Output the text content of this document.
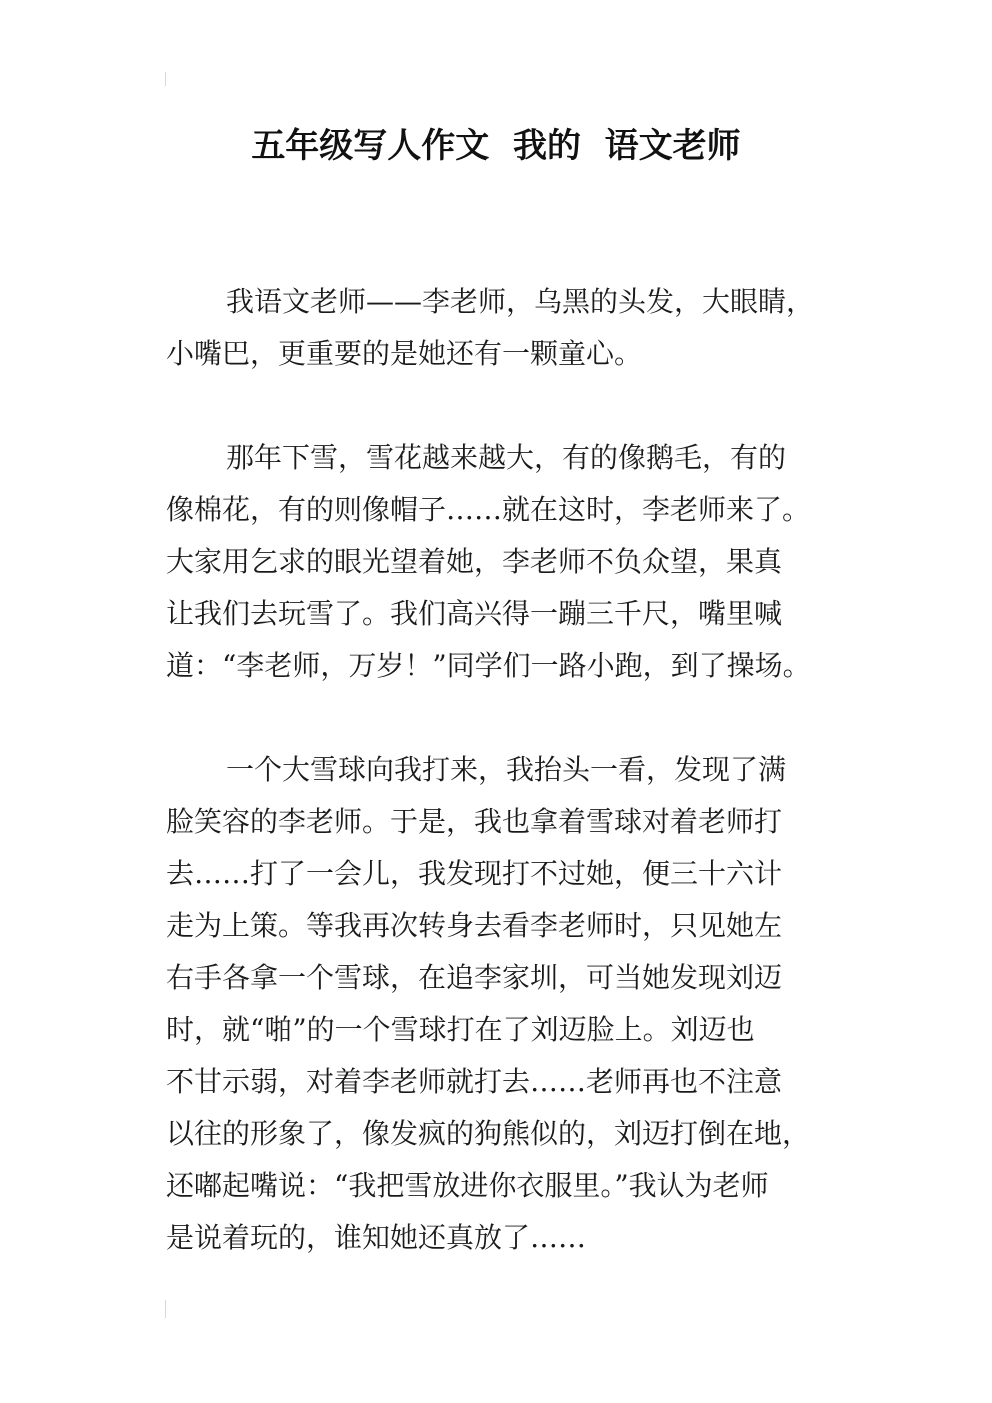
五年级写人作文  我的  语文老师
我语文老师——李老师，乌黑的头发，大眼睛，
小嘴巴，更重要的是她还有一颗童心。
那年下雪，雪花越来越大，有的像鹅毛，有的
像棉花，有的则像帽子……就在这时，李老师来了。
大家用乞求的眼光望着她，李老师不负众望，果真
让我们去玩雪了。我们高兴得一蹦三千尺，嘴里喊
道：“李老师，万岁！”同学们一路小跑，到了操场。
一个大雪球向我打来，我抬头一看，发现了满
脸笑容的李老师。于是，我也拿着雪球对着老师打
去……打了一会儿，我发现打不过她，便三十六计
走为上策。等我再次转身去看李老师时，只见她左
右手各拿一个雪球，在追李家圳，可当她发现刘迈
时，就“啪”的一个雪球打在了刘迈脸上。刘迈也
不甘示弱，对着李老师就打去……老师再也不注意
以往的形象了，像发疯的狗熊似的，刘迈打倒在地，
还嘟起嘴说：“我把雪放进你衣服里。”我认为老师
是说着玩的，谁知她还真放了……
